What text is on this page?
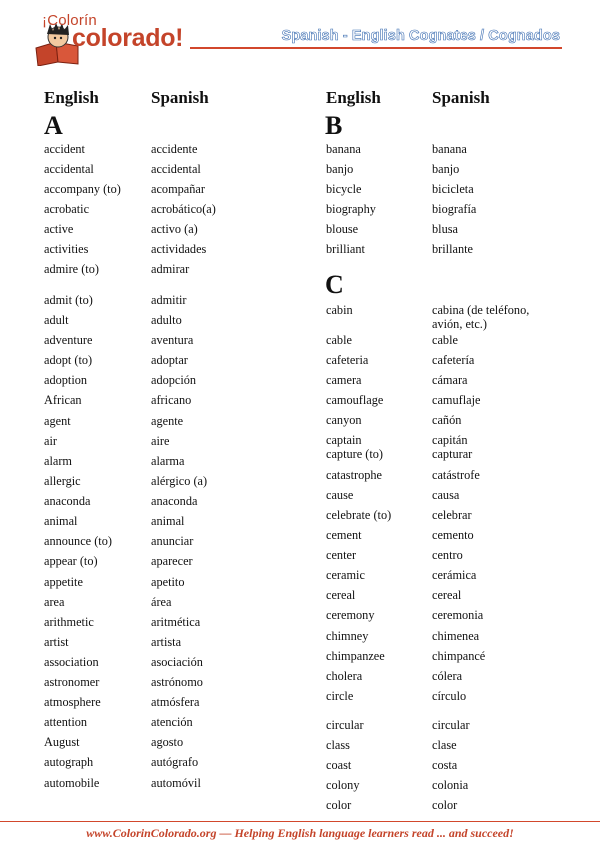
¡Colorín
colorado!	Spanish - English Cognates / Cognados
English	Spanish	English	Spanish
A	B
C
accident	accidente
accidental	accidental
accompany (to) acompañar
acrobatic	acrobático(a)
active	activo (a)
activities	actividades
admire (to)	admirar
admit (to)	admitir
adult	adulto
adventure	aventura
adopt (to)	adoptar
adoption	adopción
African	africano
agent	agente
air	aire
alarm	alarma
allergic	alérgico (a)
anaconda	anaconda
animal	animal
announce (to)	anunciar
appear (to)	aparecer
appetite	apetito
area	área
arithmetic	aritmética
artist	artista
association	asociación
astronomer	astrónomo
atmosphere	atmósfera
attention	atención
August	agosto
autograph	autógrafo
automobile	automóvil
banana	banana
banjo	banjo
bicycle	bicicleta
biography	biografía
blouse	blusa
brilliant	brillante
cabin	cabina (de teléfono,
avión, etc.)
cable	cable
cafeteria	cafetería
camera	cámara
camouflage	camuflaje
canyon	cañón
captain	capitán
capture (to)	capturar
catastrophe	catástrofe
cause	causa
celebrate (to)	celebrar
cement	cemento
center	centro
ceramic	cerámica
cereal	cereal
ceremony	ceremonia
chimney	chimenea
chimpanzee	chimpancé
cholera	cólera
circle	círculo
circular	circular
class	clase
coast	costa
colony	colonia
color	color
www.ColorinColorado.org — Helping English language learners read ... and succeed!
